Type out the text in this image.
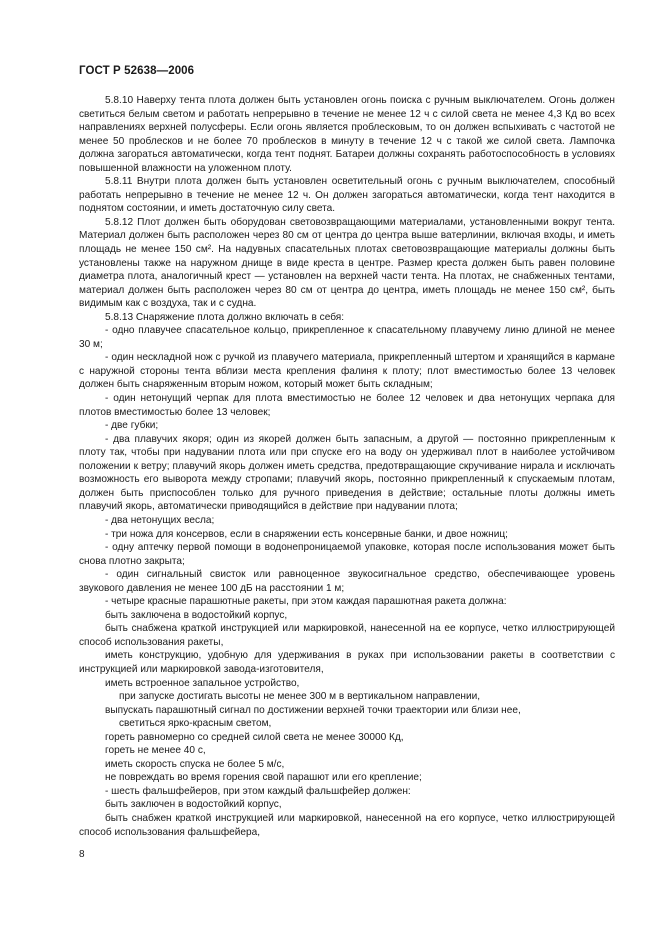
ГОСТ Р 52638—2006

5.8.10 Наверху тента плота должен быть установлен огонь поиска с ручным выключателем. Огонь должен светиться белым светом и работать непрерывно в течение не менее 12 ч с силой света не менее 4,3 Кд во всех направлениях верхней полусферы. Если огонь является проблесковым, то он должен вспыхивать с частотой не менее 50 проблесков и не более 70 проблесков в минуту в течение 12 ч с такой же силой света. Лампочка должна загораться автоматически, когда тент поднят. Батареи должны сохранять работоспособность в условиях повышенной влажности на уложенном плоту.

5.8.11 Внутри плота должен быть установлен осветительный огонь с ручным выключателем, способный работать непрерывно в течение не менее 12 ч. Он должен загораться автоматически, когда тент находится в поднятом состоянии, и иметь достаточную силу света.

5.8.12 Плот должен быть оборудован световозвращающими материалами, установленными вокруг тента. Материал должен быть расположен через 80 см от центра до центра выше ватерлинии, включая входы, и иметь площадь не менее 150 см². На надувных спасательных плотах световозвращающие материалы должны быть установлены также на наружном днище в виде креста в центре. Размер креста должен быть равен половине диаметра плота, аналогичный крест — установлен на верхней части тента. На плотах, не снабженных тентами, материал должен быть расположен через 80 см от центра до центра, иметь площадь не менее 150 см², быть видимым как с воздуха, так и с судна.

5.8.13 Снаряжение плота должно включать в себя:

- одно плавучее спасательное кольцо, прикрепленное к спасательному плавучему линю длиной не менее 30 м;

- один нескладной нож с ручкой из плавучего материала, прикрепленный штертом и хранящийся в кармане с наружной стороны тента вблизи места крепления фалиня к плоту; плот вместимостью более 13 человек должен быть снаряженным вторым ножом, который может быть складным;

- один нетонущий черпак для плота вместимостью не более 12 человек и два нетонущих черпака для плотов вместимостью более 13 человек;

- две губки;

- два плавучих якоря; один из якорей должен быть запасным, а другой — постоянно прикрепленным к плоту так, чтобы при надувании плота или при спуске его на воду он удерживал плот в наиболее устойчивом положении к ветру; плавучий якорь должен иметь средства, предотвращающие скручивание нирала и исключать возможность его выворота между стропами; плавучий якорь, постоянно прикрепленный к спускаемым плотам, должен быть приспособлен только для ручного приведения в действие; остальные плоты должны иметь плавучий якорь, автоматически приводящийся в действие при надувании плота;

- два нетонущих весла;

- три ножа для консервов, если в снаряжении есть консервные банки, и двое ножниц;

- одну аптечку первой помощи в водонепроницаемой упаковке, которая после использования может быть снова плотно закрыта;

- один сигнальный свисток или равноценное звукосигнальное средство, обеспечивающее уровень звукового давления не менее 100 дБ на расстоянии 1 м;

- четыре красные парашютные ракеты, при этом каждая парашютная ракета должна:

быть заключена в водостойкий корпус,

быть снабжена краткой инструкцией или маркировкой, нанесенной на ее корпусе, четко иллюстрирующей способ использования ракеты,

иметь конструкцию, удобную для удерживания в руках при использовании ракеты в соответствии с инструкцией или маркировкой завода-изготовителя,

иметь встроенное запальное устройство,

при запуске достигать высоты не менее 300 м в вертикальном направлении,

выпускать парашютный сигнал по достижении верхней точки траектории или близи нее,

светиться ярко-красным светом,

гореть равномерно со средней силой света не менее 30000 Кд,

гореть не менее 40 с,

иметь скорость спуска не более 5 м/с,

не повреждать во время горения свой парашют или его крепление;

- шесть фальшфейеров, при этом каждый фальшфейер должен:

быть заключен в водостойкий корпус,

быть снабжен краткой инструкцией или маркировкой, нанесенной на его корпусе, четко иллюстрирующей способ использования фальшфейера,

8
